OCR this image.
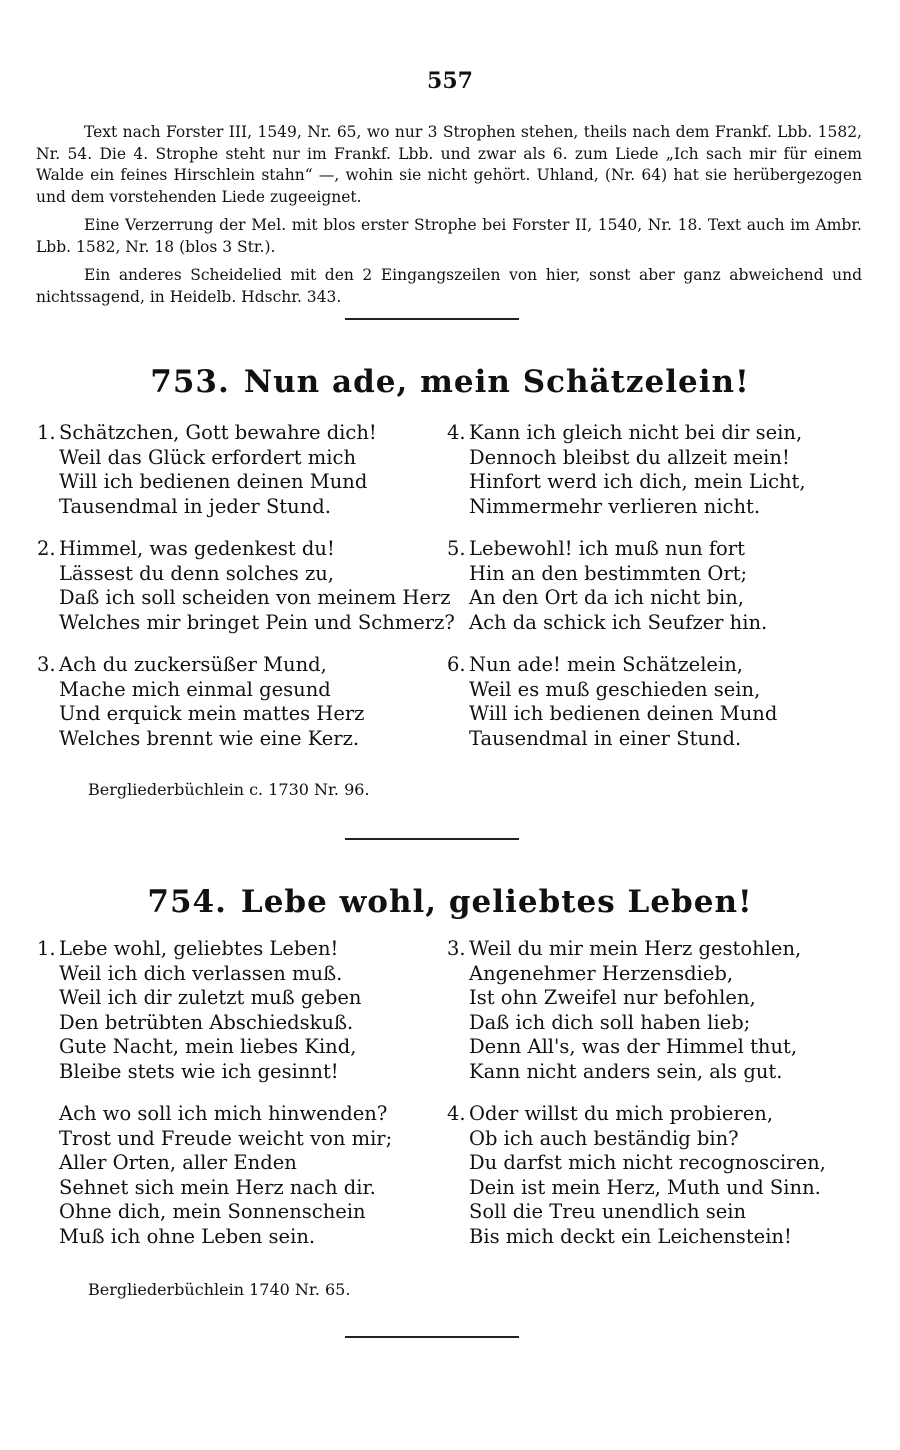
557

Text nach Forster III, 1549, Nr. 65, wo nur 3 Strophen stehen, theils nach dem Frankf. Lbb. 1582, Nr. 54. Die 4. Strophe steht nur im Frankf. Lbb. und zwar als 6. zum Liede „Ich sach mir für einem Walde ein feines Hirschlein stahn“ —, wohin sie nicht gehört. Uhland, (Nr. 64) hat sie herübergezogen und dem vorstehenden Liede zugeeignet.

Eine Verzerrung der Mel. mit blos erster Strophe bei Forster II, 1540, Nr. 18. Text auch im Ambr. Lbb. 1582, Nr. 18 (blos 3 Str.).

Ein anderes Scheidelied mit den 2 Eingangszeilen von hier, sonst aber ganz abweichend und nichtssagend, in Heidelb. Hdschr. 343.

753. Nun ade, mein Schätzelein!
1. Schätzchen, Gott bewahre dich!
Weil das Glück erfordert mich
Will ich bedienen deinen Mund
Tausendmal in jeder Stund.
2. Himmel, was gedenkest du!
Lässest du denn solches zu,
Daß ich soll scheiden von meinem Herz
Welches mir bringet Pein und Schmerz?
3. Ach du zuckersüßer Mund,
Mache mich einmal gesund
Und erquick mein mattes Herz
Welches brennt wie eine Kerz.
4. Kann ich gleich nicht bei dir sein,
Dennoch bleibst du allzeit mein!
Hinfort werd ich dich, mein Licht,
Nimmermehr verlieren nicht.
5. Lebewohl! ich muß nun fort
Hin an den bestimmten Ort;
An den Ort da ich nicht bin,
Ach da schick ich Seufzer hin.
6. Nun ade! mein Schätzelein,
Weil es muß geschieden sein,
Will ich bedienen deinen Mund
Tausendmal in einer Stund.
Bergliederbüchlein c. 1730 Nr. 96.
754. Lebe wohl, geliebtes Leben!
1. Lebe wohl, geliebtes Leben!
Weil ich dich verlassen muß.
Weil ich dir zuletzt muß geben
Den betrübten Abschiedskuß.
Gute Nacht, mein liebes Kind,
Bleibe stets wie ich gesinnt!
Ach wo soll ich mich hinwenden?
Trost und Freude weicht von mir;
Aller Orten, aller Enden
Sehnet sich mein Herz nach dir.
Ohne dich, mein Sonnenschein
Muß ich ohne Leben sein.
3. Weil du mir mein Herz gestohlen,
Angenehmer Herzensdieb,
Ist ohn Zweifel nur befohlen,
Daß ich dich soll haben lieb;
Denn All's, was der Himmel thut,
Kann nicht anders sein, als gut.
4. Oder willst du mich probieren,
Ob ich auch beständig bin?
Du darfst mich nicht recognosciren,
Dein ist mein Herz, Muth und Sinn.
Soll die Treu unendlich sein
Bis mich deckt ein Leichenstein!
Bergliederbüchlein 1740 Nr. 65.
